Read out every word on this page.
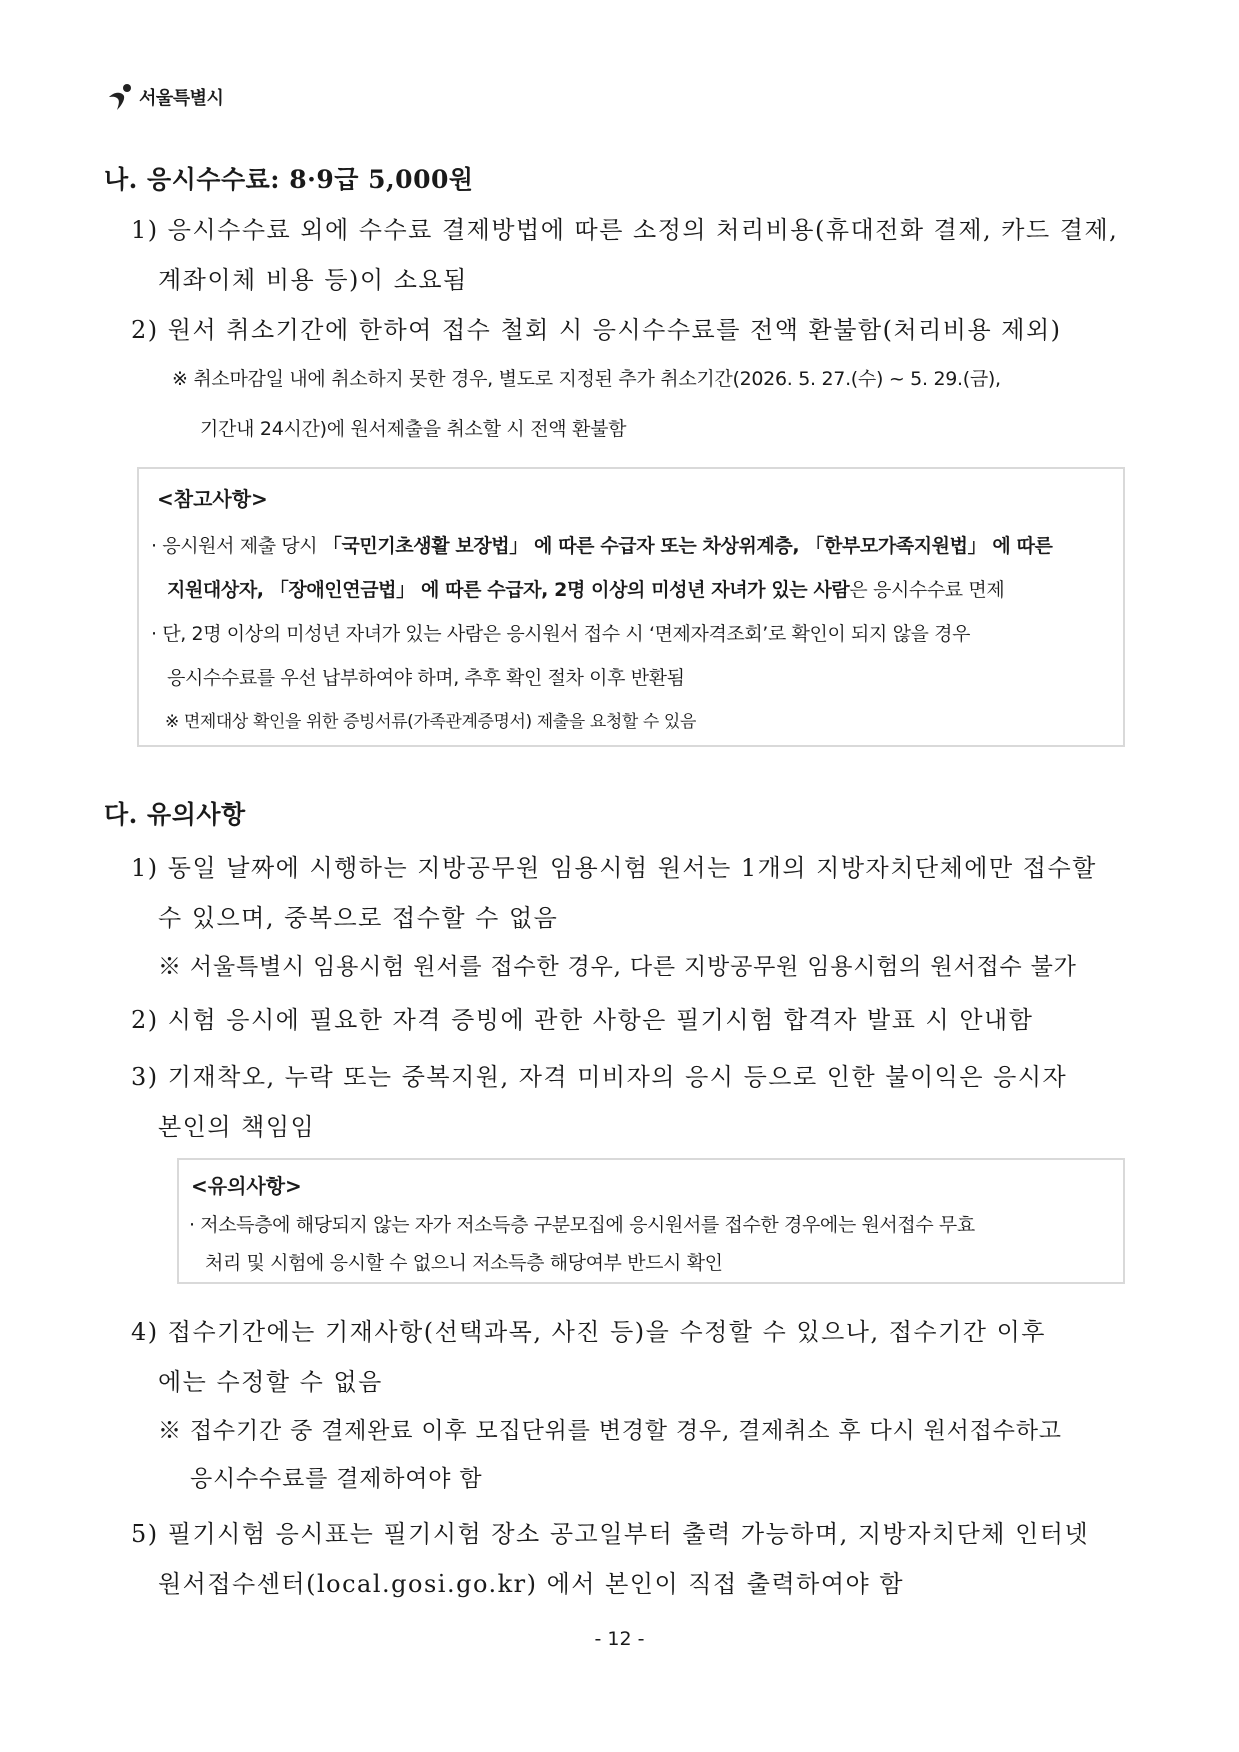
서울특별시
나. 응시수수료: 8·9급 5,000원
1) 응시수수료 외에 수수료 결제방법에 따른 소정의 처리비용(휴대전화 결제, 카드 결제,
계좌이체 비용 등)이 소요됨
2) 원서 취소기간에 한하여 접수 철회 시 응시수수료를 전액 환불함(처리비용 제외)
※ 취소마감일 내에 취소하지 못한 경우, 별도로 지정된 추가 취소기간(2026. 5. 27.(수) ~ 5. 29.(금),
기간내 24시간)에 원서제출을 취소할 시 전액 환불함
<참고사항>
· 응시원서 제출 당시 「국민기초생활 보장법」 에 따른 수급자 또는 차상위계층, 「한부모가족지원법」 에 따른
지원대상자, 「장애인연금법」 에 따른 수급자, 2명 이상의 미성년 자녀가 있는 사람은 응시수수료 면제
· 단, 2명 이상의 미성년 자녀가 있는 사람은 응시원서 접수 시 ‘면제자격조회’로 확인이 되지 않을 경우
응시수수료를 우선 납부하여야 하며, 추후 확인 절차 이후 반환됨
※ 면제대상 확인을 위한 증빙서류(가족관계증명서) 제출을 요청할 수 있음
다. 유의사항
1) 동일 날짜에 시행하는 지방공무원 임용시험 원서는 1개의 지방자치단체에만 접수할
수 있으며, 중복으로 접수할 수 없음
※ 서울특별시 임용시험 원서를 접수한 경우, 다른 지방공무원 임용시험의 원서접수 불가
2) 시험 응시에 필요한 자격 증빙에 관한 사항은 필기시험 합격자 발표 시 안내함
3) 기재착오, 누락 또는 중복지원, 자격 미비자의 응시 등으로 인한 불이익은 응시자
본인의 책임임
<유의사항>
· 저소득층에 해당되지 않는 자가 저소득층 구분모집에 응시원서를 접수한 경우에는 원서접수 무효
처리 및 시험에 응시할 수 없으니 저소득층 해당여부 반드시 확인
4) 접수기간에는 기재사항(선택과목, 사진 등)을 수정할 수 있으나, 접수기간 이후
에는 수정할 수 없음
※ 접수기간 중 결제완료 이후 모집단위를 변경할 경우, 결제취소 후 다시 원서접수하고
응시수수료를 결제하여야 함
5) 필기시험 응시표는 필기시험 장소 공고일부터 출력 가능하며, 지방자치단체 인터넷
원서접수센터(local.gosi.go.kr) 에서 본인이 직접 출력하여야 함
- 12 -
